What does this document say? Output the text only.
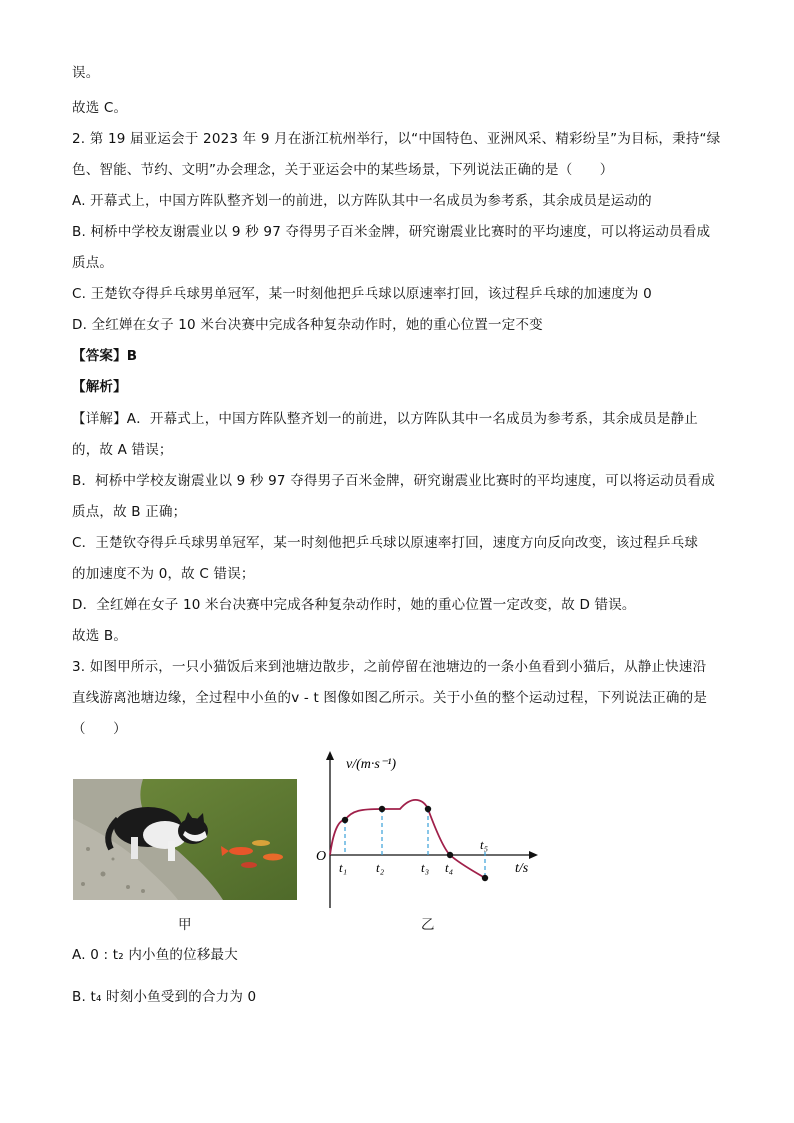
误。
故选 C。
2. 第 19 届亚运会于 2023 年 9 月在浙江杭州举行，以“中国特色、亚洲风采、精彩纷呈”为目标，秉持“绿
色、智能、节约、文明”办会理念，关于亚运会中的某些场景，下列说法正确的是（　　）
A. 开幕式上，中国方阵队整齐划一的前进，以方阵队其中一名成员为参考系，其余成员是运动的
B. 柯桥中学校友谢震业以 9 秒 97 夺得男子百米金牌，研究谢震业比赛时的平均速度，可以将运动员看成
质点。
C. 王楚钦夺得乒乓球男单冠军，某一时刻他把乒乓球以原速率打回，该过程乒乓球的加速度为 0
D. 全红婵在女子 10 米台决赛中完成各种复杂动作时，她的重心位置一定不变
【答案】B
【解析】
【详解】A．开幕式上，中国方阵队整齐划一的前进，以方阵队其中一名成员为参考系，其余成员是静止
的，故 A 错误；
B．柯桥中学校友谢震业以 9 秒 97 夺得男子百米金牌，研究谢震业比赛时的平均速度，可以将运动员看成
质点，故 B 正确；
C．王楚钦夺得乒乓球男单冠军，某一时刻他把乒乓球以原速率打回，速度方向反向改变，该过程乒乓球
的加速度不为 0，故 C 错误；
D．全红婵在女子 10 米台决赛中完成各种复杂动作时，她的重心位置一定改变，故 D 错误。
故选 B。
3. 如图甲所示，一只小猫饭后来到池塘边散步，之前停留在池塘边的一条小鱼看到小猫后，从静止快速沿
直线游离池塘边缘，全过程中小鱼的v - t 图像如图乙所示。关于小鱼的整个运动过程，下列说法正确的是
（　　）
甲
v/(m·s⁻¹)
t/s
O
t₁ t₂	t₃ t₄
t₅
乙
A. 0 : t₂ 内小鱼的位移最大
B. t₄ 时刻小鱼受到的合力为 0
